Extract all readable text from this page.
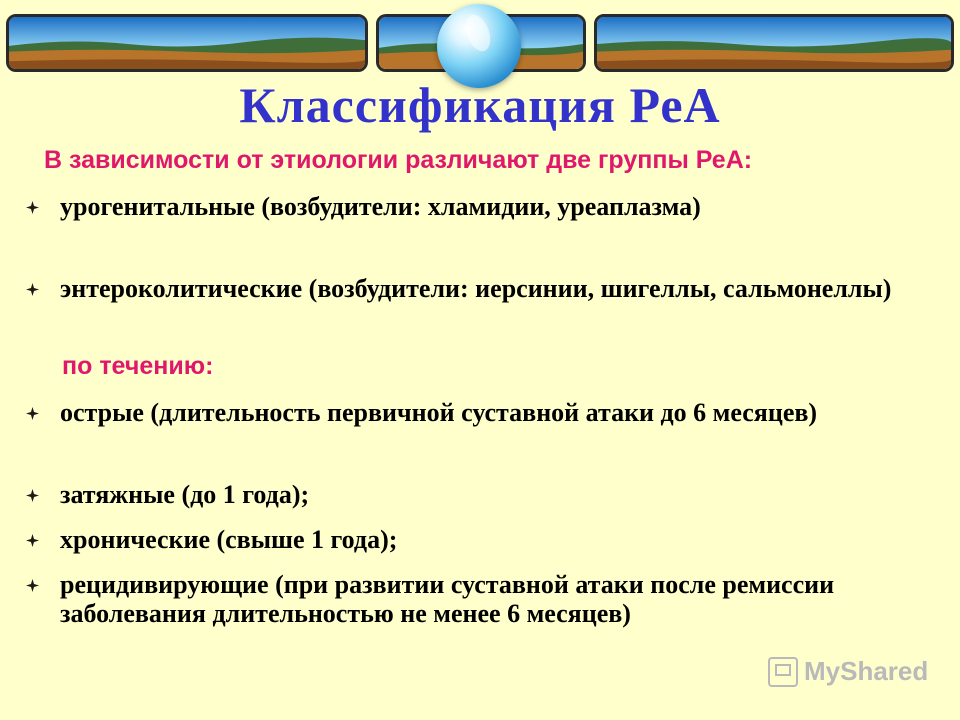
Классификация РеА
В зависимости от этиологии различают две группы РеА:
урогенитальные (возбудители: хламидии, уреаплазма)
энтероколитические (возбудители: иерсинии, шигеллы, сальмонеллы)
по течению:
острые (длительность первичной суставной атаки до 6 месяцев)
затяжные (до 1 года);
хронические (свыше 1 года);
рецидивирующие (при развитии суставной атаки после ремиссии заболевания длительностью не менее 6 месяцев)
MyShared
